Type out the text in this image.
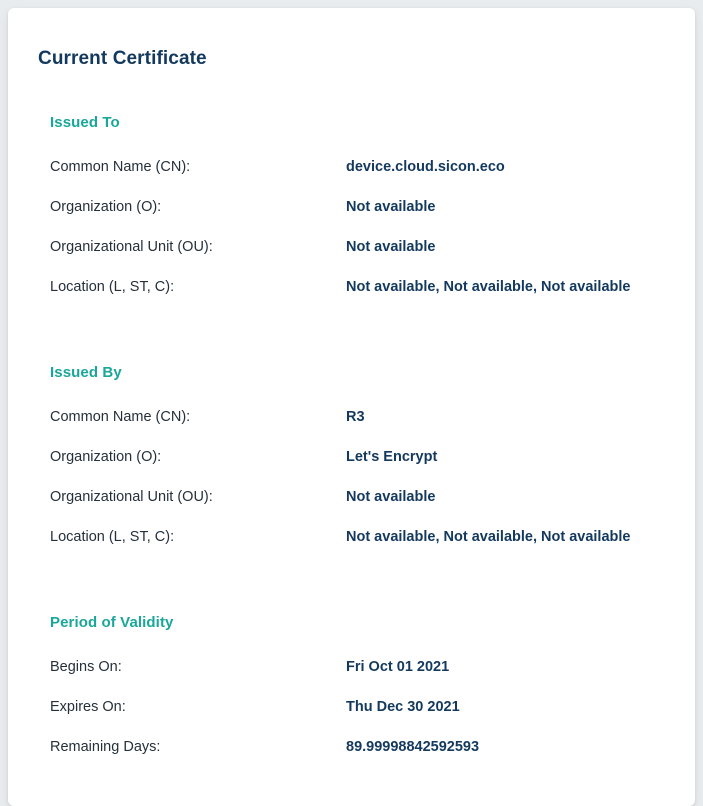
Current Certificate
Issued To
Common Name (CN):	device.cloud.sicon.eco
Organization (O):	Not available
Organizational Unit (OU):	Not available
Location (L, ST, C):	Not available, Not available, Not available
Issued By
Common Name (CN):	R3
Organization (O):	Let's Encrypt
Organizational Unit (OU):	Not available
Location (L, ST, C):	Not available, Not available, Not available
Period of Validity
Begins On:	Fri Oct 01 2021
Expires On:	Thu Dec 30 2021
Remaining Days:	89.99998842592593
